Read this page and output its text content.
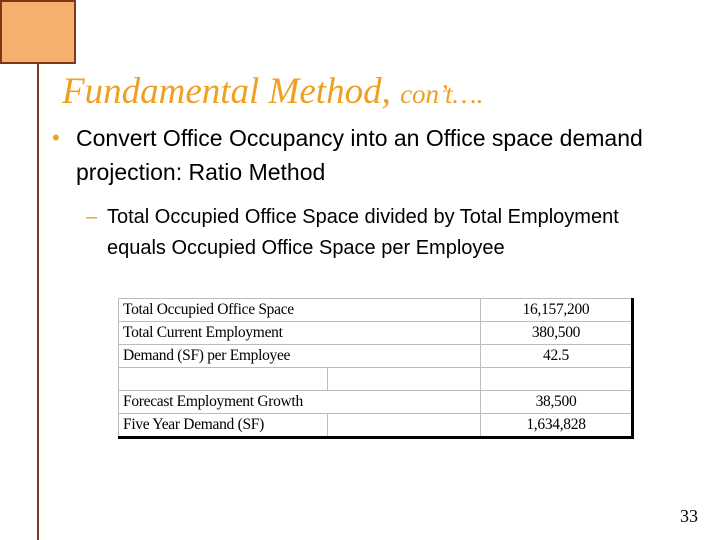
Fundamental Method, con’t….
• Convert Office Occupancy into an Office space demand projection: Ratio Method
– Total Occupied Office Space divided by Total Employment equals Occupied Office Space per Employee
Total Occupied Office Space		16,157,200
Total Current Employment		380,500
Demand (SF) per Employee		42.5

Forecast Employment Growth		38,500
Five Year Demand (SF)		1,634,828
33
